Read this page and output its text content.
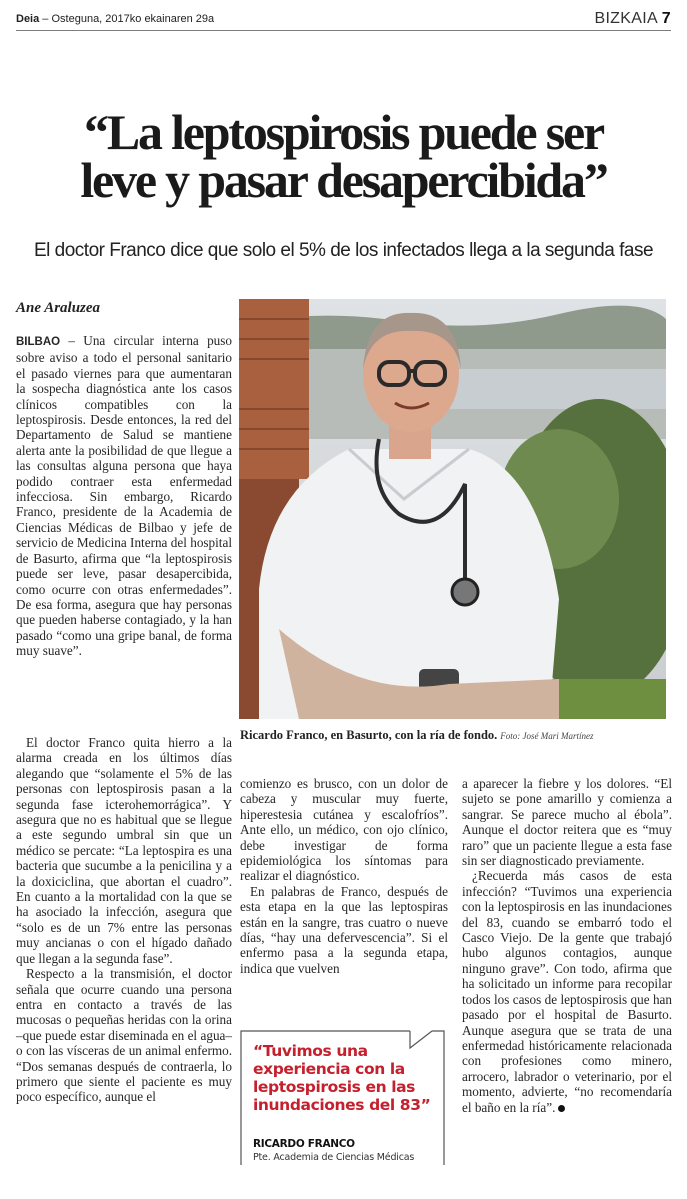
Deia – Osteguna, 2017ko ekainaren 29a	BIZKAIA 7
“La leptospirosis puede ser
leve y pasar desapercibida”
El doctor Franco dice que solo el 5% de los infectados llega a la segunda fase
Ane Araluzea

BILBAO – Una circular interna puso sobre aviso a todo el personal sanitario el pasado viernes para que aumentaran la sospecha diagnóstica ante los casos clínicos compatibles con la leptospirosis. Desde entonces, la red del Departamento de Salud se mantiene alerta ante la posibilidad de que llegue a las consultas alguna persona que haya podido contraer esta enfermedad infecciosa. Sin embargo, Ricardo Franco, presidente de la Academia de Ciencias Médicas de Bilbao y jefe de servicio de Medicina Interna del hospital de Basurto, afirma que “la leptospirosis puede ser leve, pasar desapercibida, como ocurre con otras enfermedades”. De esa forma, asegura que hay personas que pueden haberse contagiado, y la han pasado “como una gripe banal, de forma muy suave”.

El doctor Franco quita hierro a la alarma creada en los últimos días alegando que “solamente el 5% de las personas con leptospirosis pasan a la segunda fase icterohemorrágica”. Y asegura que no es habitual que se llegue a este segundo umbral sin que un médico se percate: “La leptospira es una bacteria que sucumbe a la penicilina y a la doxiciclina, que abortan el cuadro”. En cuanto a la mortalidad con la que se ha asociado la infección, asegura que “solo es de un 7% entre las personas muy ancianas o con el hígado dañado que llegan a la segunda fase”.

Respecto a la transmisión, el doctor señala que ocurre cuando una persona entra en contacto a través de las mucosas o pequeñas heridas con la orina –que puede estar diseminada en el agua– o con las vísceras de un animal enfermo. “Dos semanas después de contraerla, lo primero que siente el paciente es muy poco específico, aunque el

Ricardo Franco, en Basurto, con la ría de fondo. Foto: José Mari Martínez

comienzo es brusco, con un dolor de cabeza y muscular muy fuerte, hiperestesia cutánea y escalofríos”. Ante ello, un médico, con ojo clínico, debe investigar de forma epidemiológica los síntomas para realizar el diagnóstico.

En palabras de Franco, después de esta etapa en la que las leptospiras están en la sangre, tras cuatro o nueve días, “hay una defervescencia”. Si el enfermo pasa a la segunda etapa, indica que vuelven

“Tuvimos una experiencia con la leptospirosis en las inundaciones del 83”
RICARDO FRANCO
Pte. Academia de Ciencias Médicas

a aparecer la fiebre y los dolores. “El sujeto se pone amarillo y comienza a sangrar. Se parece mucho al ébola”. Aunque el doctor reitera que es “muy raro” que un paciente llegue a esta fase sin ser diagnosticado previamente.

¿Recuerda más casos de esta infección? “Tuvimos una experiencia con la leptospirosis en las inundaciones del 83, cuando se embarró todo el Casco Viejo. De la gente que trabajó hubo algunos contagios, aunque ninguno grave”. Con todo, afirma que ha solicitado un informe para recopilar todos los casos de leptospirosis que han pasado por el hospital de Basurto. Aunque asegura que se trata de una enfermedad históricamente relacionada con profesiones como minero, arrocero, labrador o veterinario, por el momento, advierte, “no recomendaría el baño en la ría”.
